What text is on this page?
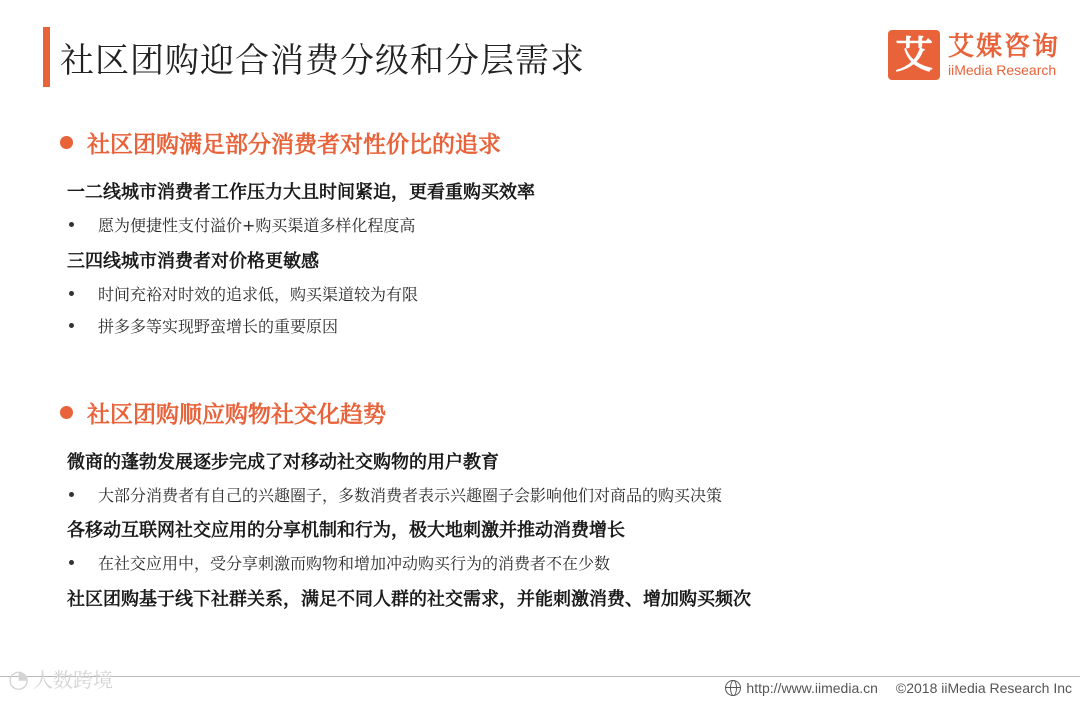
社区团购迎合消费分级和分层需求	艾 艾媒咨询
iiMedia Research
社区团购满足部分消费者对性价比的追求
一二线城市消费者工作压力大且时间紧迫，更看重购买效率
愿为便捷性支付溢价+购买渠道多样化程度高
三四线城市消费者对价格更敏感
时间充裕对时效的追求低，购买渠道较为有限
拼多多等实现野蛮增长的重要原因
社区团购顺应购物社交化趋势
微商的蓬勃发展逐步完成了对移动社交购物的用户教育
大部分消费者有自己的兴趣圈子，多数消费者表示兴趣圈子会影响他们对商品的购买决策
各移动互联网社交应用的分享机制和行为，极大地刺激并推动消费增长
在社交应用中，受分享刺激而购物和增加冲动购买行为的消费者不在少数
社区团购基于线下社群关系，满足不同人群的社交需求，并能刺激消费、增加购买频次
◔ 人数跨境	http://www.iimedia.cn ©2018 iiMedia Research Inc
